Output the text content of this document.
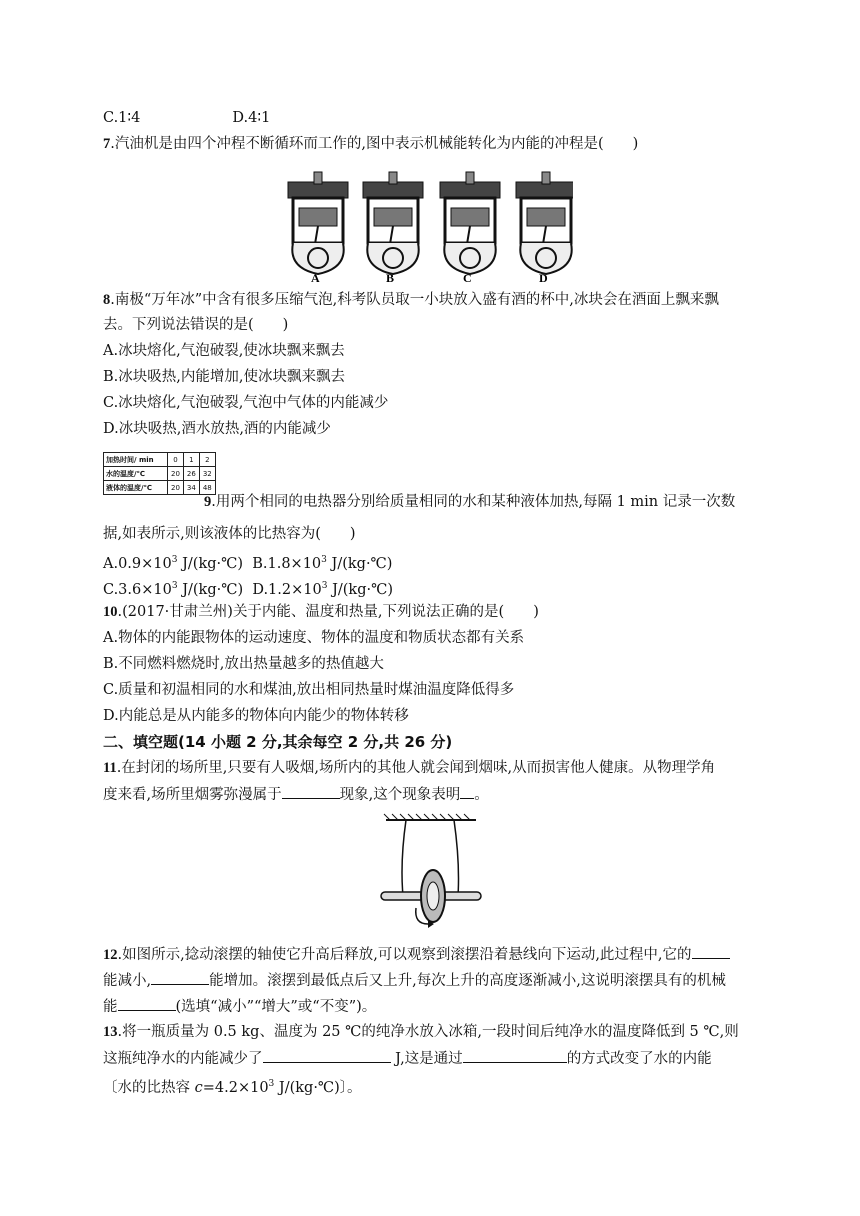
C.1∶4	D.4∶1
7.汽油机是由四个冲程不断循环而工作的,图中表示机械能转化为内能的冲程是(　　)
A	B	C	D
8.南极“万年冰”中含有很多压缩气泡,科考队员取一小块放入盛有酒的杯中,冰块会在酒面上飘来飘
去。下列说法错误的是(　　)
A.冰块熔化,气泡破裂,使冰块飘来飘去
B.冰块吸热,内能增加,使冰块飘来飘去
C.冰块熔化,气泡破裂,气泡中气体的内能减少
D.冰块吸热,酒水放热,酒的内能减少
加热时间/ min	0	1	2
水的温度/℃	20	26	32
液体的温度/℃	20	34	48
9.用两个相同的电热器分别给质量相同的水和某种液体加热,每隔 1 min 记录一次数
据,如表所示,则该液体的比热容为(　　)
$A.0.9\times 10^3$ J/(kg·℃) $B.1.8\times 10^3$ J/(kg·℃)
$C.3.6\times 10^3$ J/(kg·℃) $D.1.2\times 10^3$ J/(kg·℃)
10.(2017·甘肃兰州)关于内能、温度和热量,下列说法正确的是(　　)
A.物体的内能跟物体的运动速度、物体的温度和物质状态都有关系
B.不同燃料燃烧时,放出热量越多的热值越大
C.质量和初温相同的水和煤油,放出相同热量时煤油温度降低得多
D.内能总是从内能多的物体向内能少的物体转移
二、填空题(14 小题 2 分,其余每空 2 分,共 26 分)
11.在封闭的场所里,只要有人吸烟,场所内的其他人就会闻到烟味,从而损害他人健康。从物理学角
度来看,场所里烟雾弥漫属于	现象,这个现象表明 。
12.如图所示,捻动滚摆的轴使它升高后释放,可以观察到滚摆沿着悬线向下运动,此过程中,它的
能减小,	能增加。滚摆到最低点后又上升,每次上升的高度逐渐减小,这说明滚摆具有的机械
能	(选填“减小”“增大”或“不变”)。
13.将一瓶质量为 0.5 kg、温度为 25 ℃的纯净水放入冰箱,一段时间后纯净水的温度降低到 5 ℃,则
这瓶纯净水的内能减少了	J,这是通过	的方式改变了水的内能
〔水的比热容 $c=4.2\times 10^3$ J/(kg·℃)〕。
